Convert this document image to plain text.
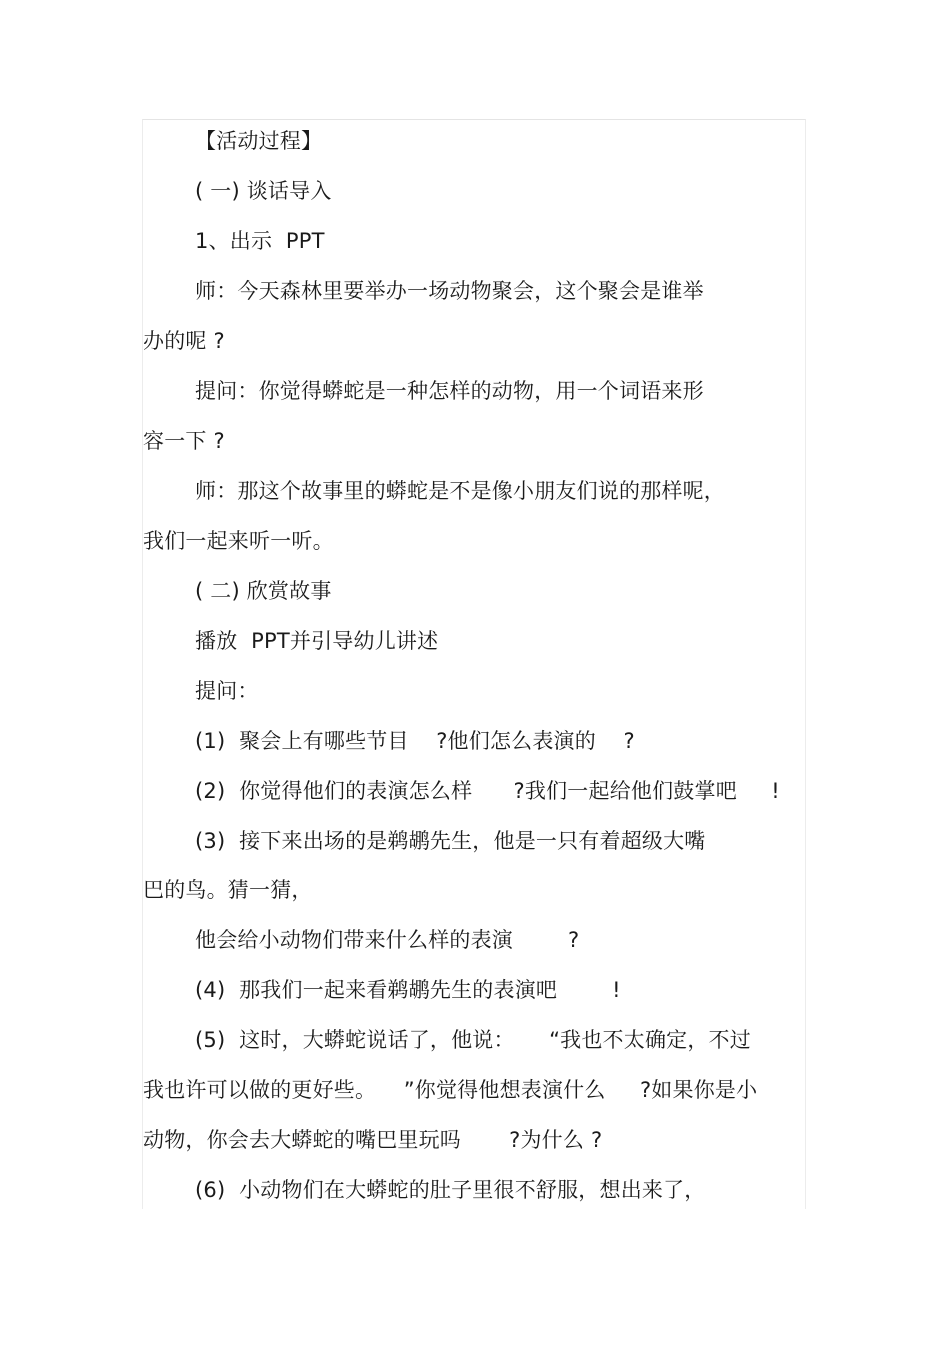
【活动过程】
( 一) 谈话导入
1、出示  PPT
师：今天森林里要举办一场动物聚会，这个聚会是谁举
办的呢 ?
提问：你觉得蟒蛇是一种怎样的动物，用一个词语来形
容一下 ?
师：那这个故事里的蟒蛇是不是像小朋友们说的那样呢，
我们一起来听一听。
( 二) 欣赏故事
播放  PPT并引导幼儿讲述
提问：
(1)  聚会上有哪些节目    ?他们怎么表演的    ?
(2)  你觉得他们的表演怎么样      ?我们一起给他们鼓掌吧     !
(3)  接下来出场的是鹈鹕先生，他是一只有着超级大嘴
巴的鸟。猜一猜，
他会给小动物们带来什么样的表演        ?
(4)  那我们一起来看鹈鹕先生的表演吧        !
(5)  这时，大蟒蛇说话了，他说：     “我也不太确定，不过
我也许可以做的更好些。    ”你觉得他想表演什么     ?如果你是小
动物，你会去大蟒蛇的嘴巴里玩吗       ?为什么 ?
(6)  小动物们在大蟒蛇的肚子里很不舒服，想出来了，
